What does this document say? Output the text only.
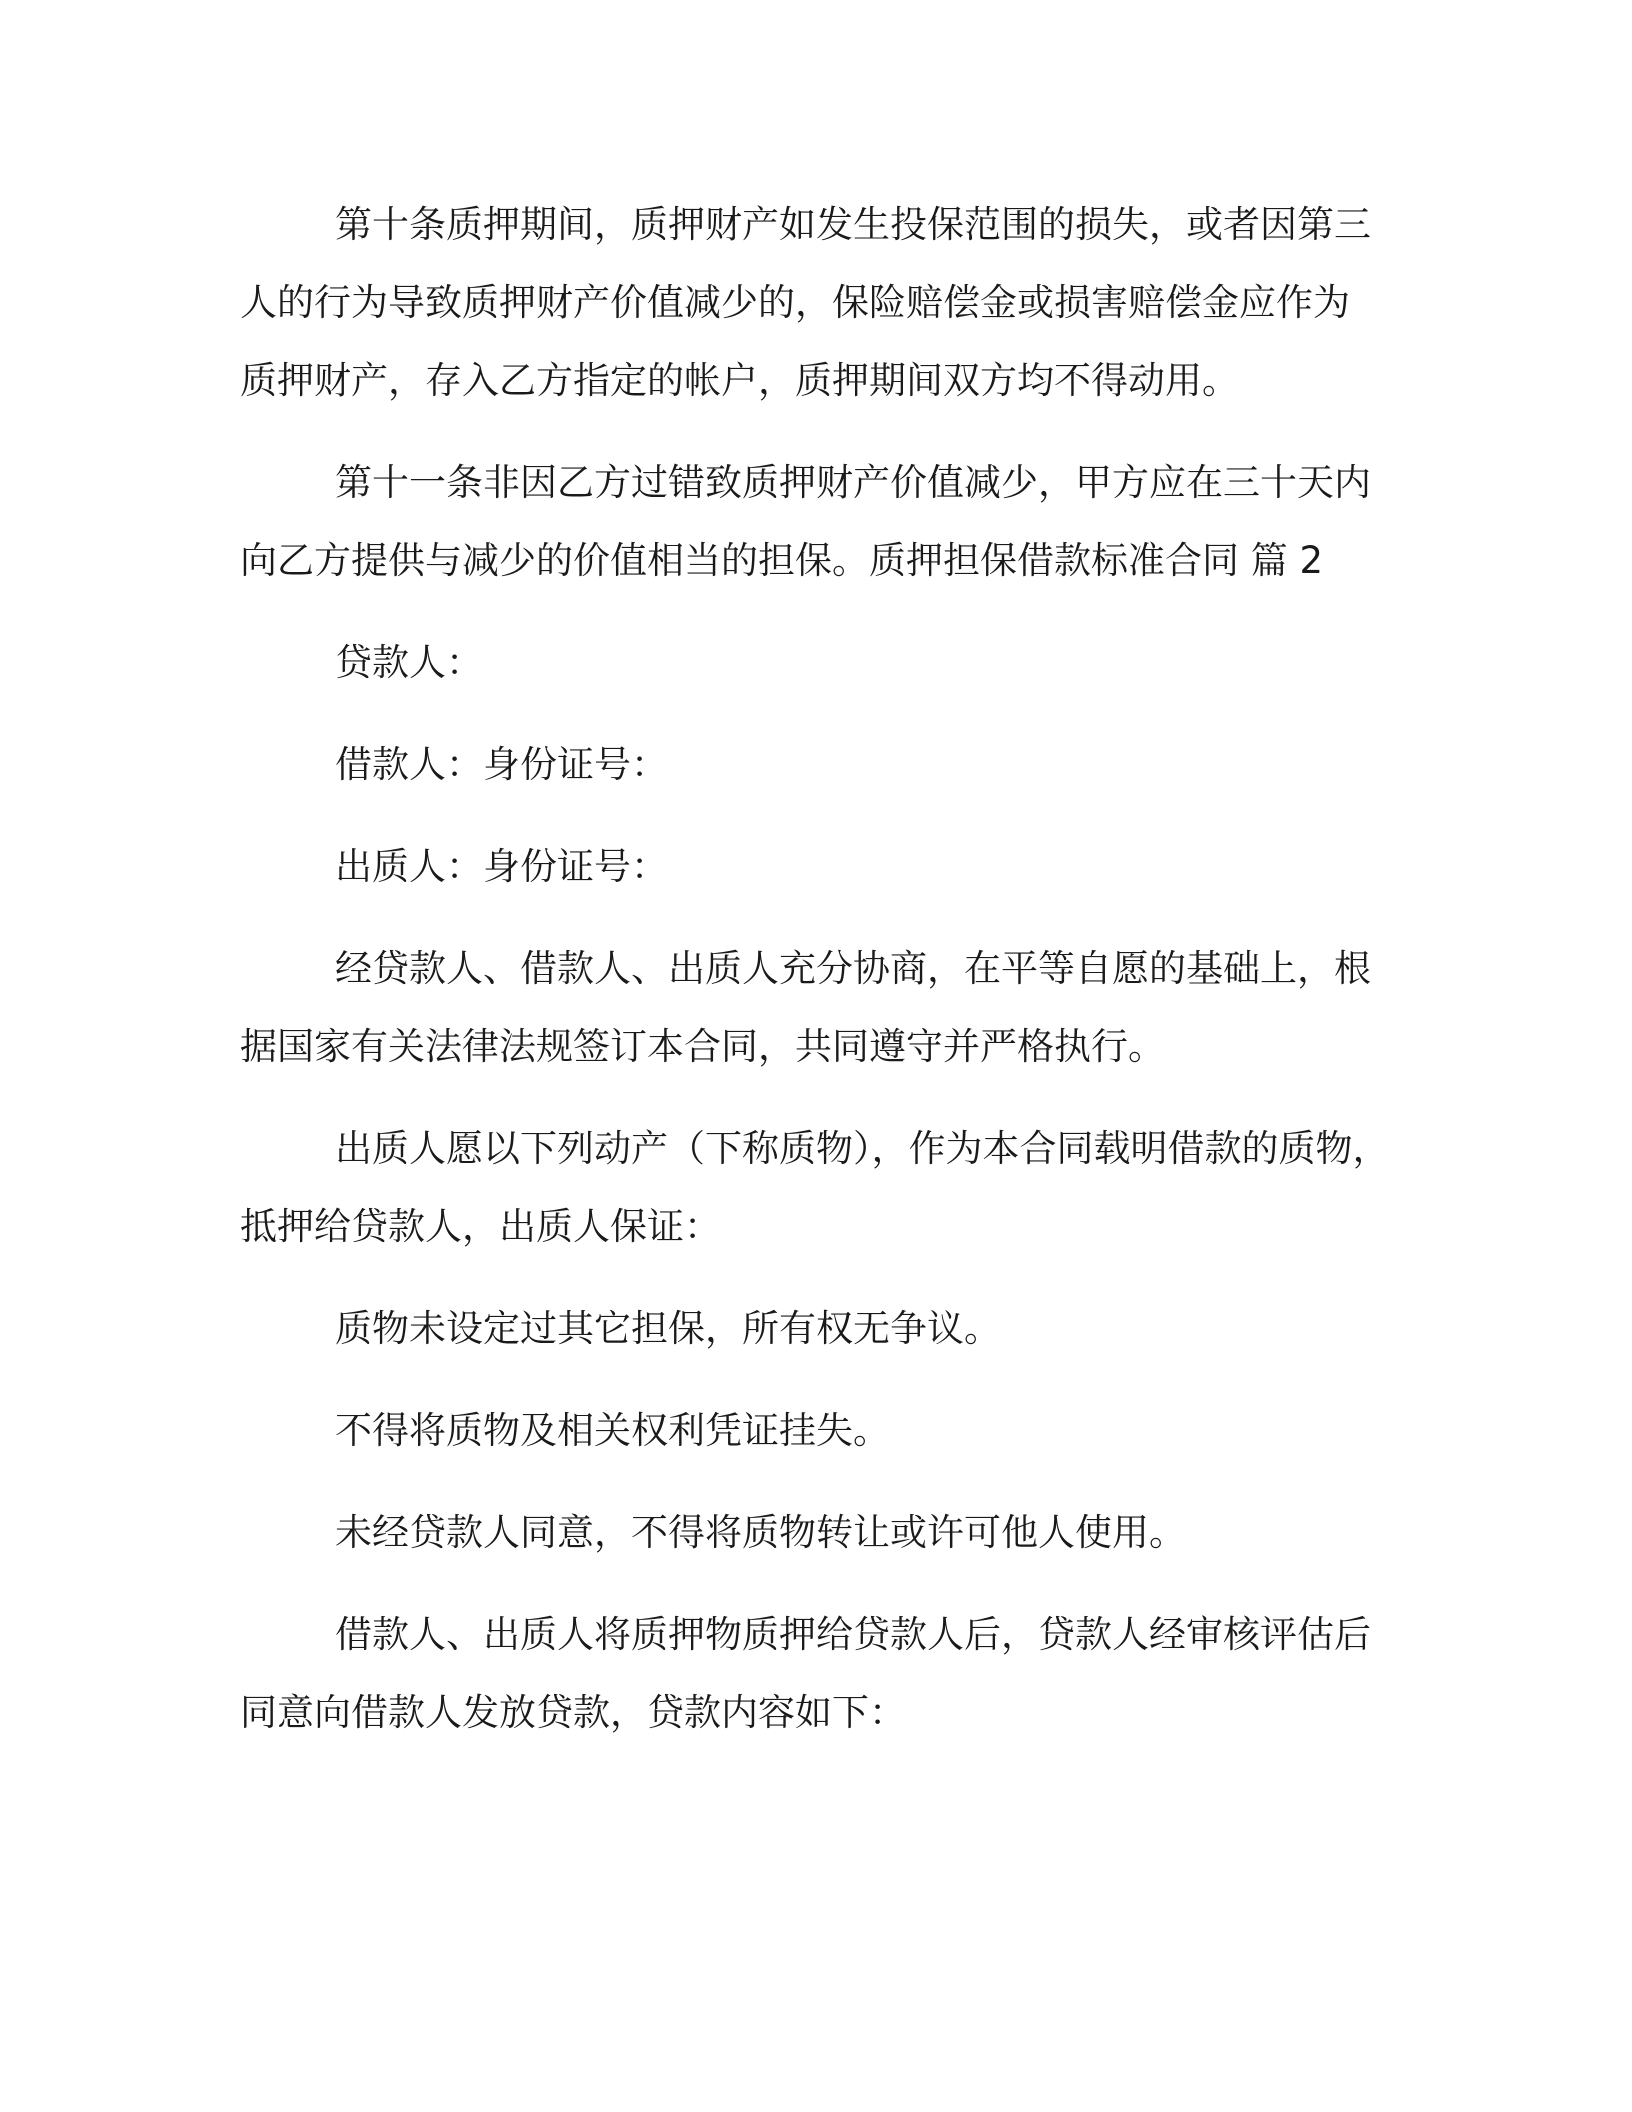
第十条质押期间，质押财产如发生投保范围的损失，或者因第三
人的行为导致质押财产价值减少的，保险赔偿金或损害赔偿金应作为
质押财产，存入乙方指定的帐户，质押期间双方均不得动用。
第十一条非因乙方过错致质押财产价值减少，甲方应在三十天内
向乙方提供与减少的价值相当的担保。质押担保借款标准合同 篇 2
贷款人：
借款人：身份证号：
出质人：身份证号：
经贷款人、借款人、出质人充分协商，在平等自愿的基础上，根
据国家有关法律法规签订本合同，共同遵守并严格执行。
出质人愿以下列动产（下称质物），作为本合同载明借款的质物，
抵押给贷款人，出质人保证：
质物未设定过其它担保，所有权无争议。
不得将质物及相关权利凭证挂失。
未经贷款人同意，不得将质物转让或许可他人使用。
借款人、出质人将质押物质押给贷款人后，贷款人经审核评估后
同意向借款人发放贷款，贷款内容如下：
